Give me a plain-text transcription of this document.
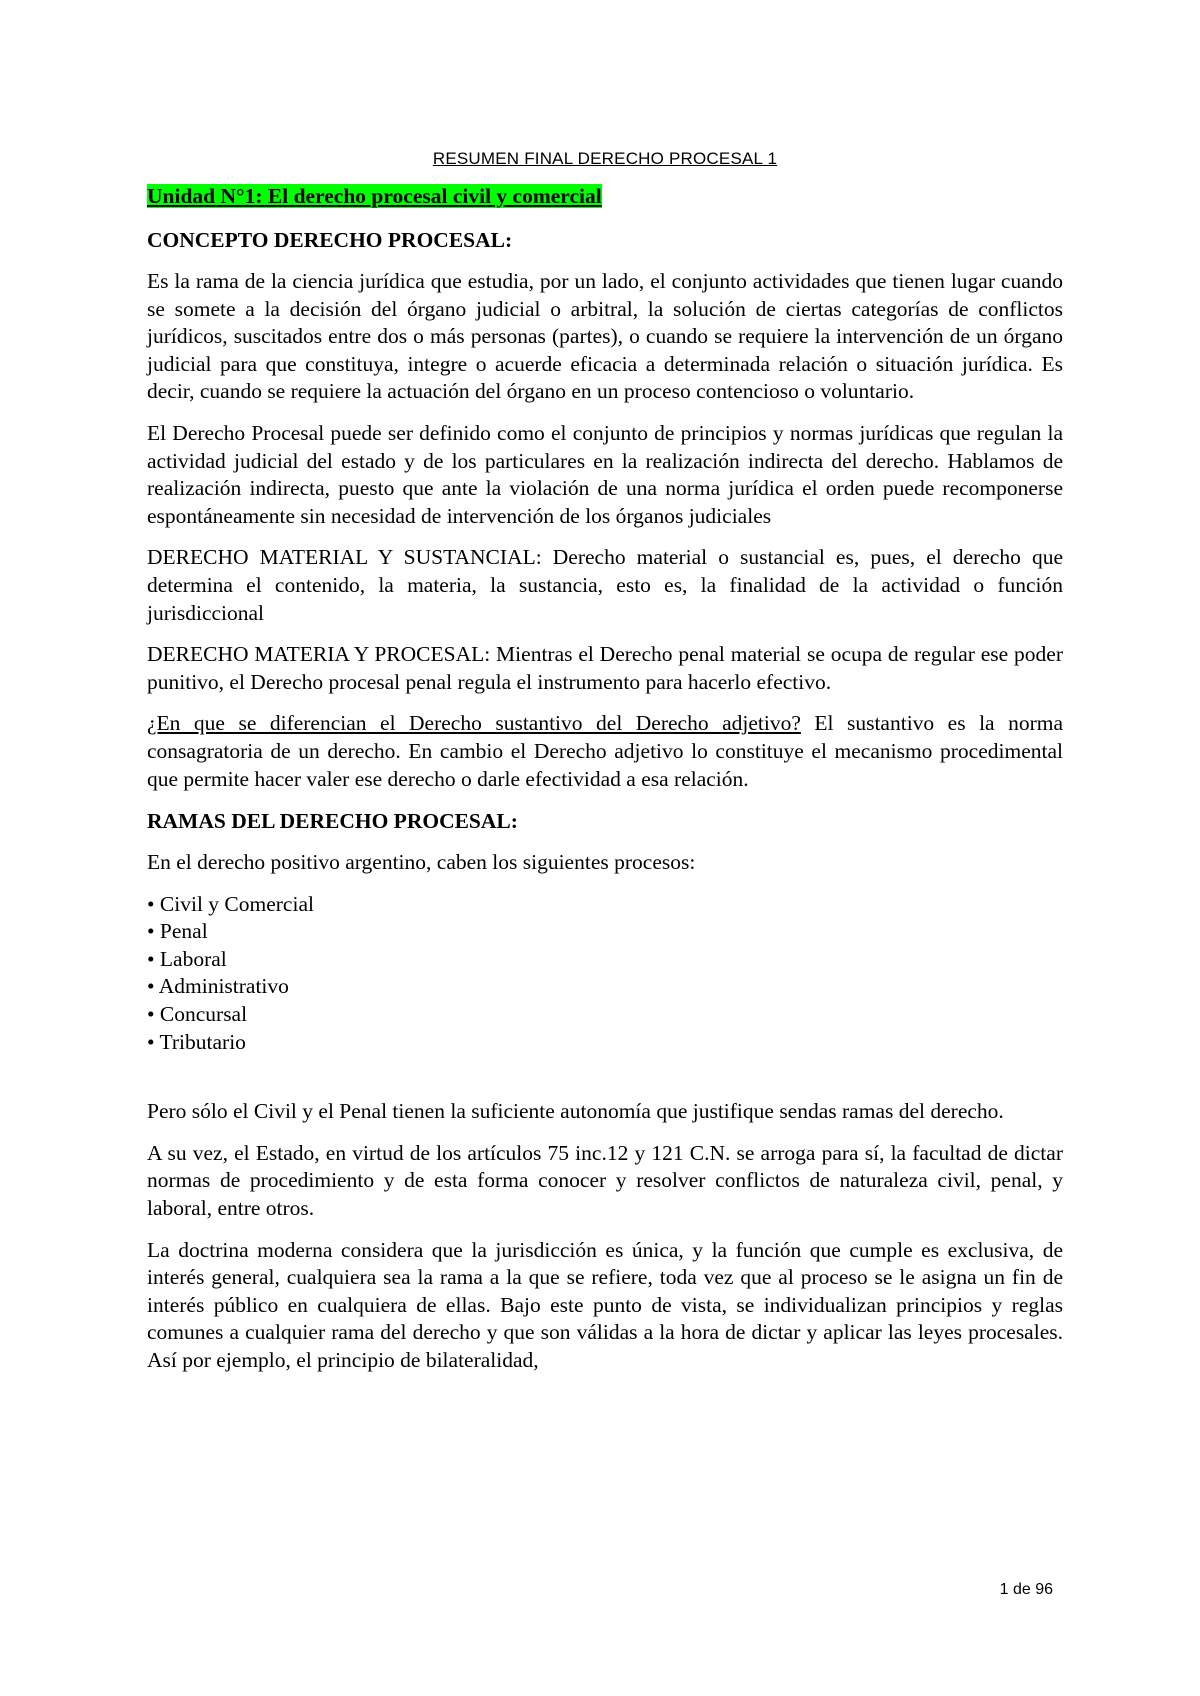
RESUMEN FINAL DERECHO PROCESAL 1
Unidad N°1: El derecho procesal civil y comercial
CONCEPTO DERECHO PROCESAL:

Es la rama de la ciencia jurídica que estudia, por un lado, el conjunto actividades que tienen lugar cuando se somete a la decisión del órgano judicial o arbitral, la solución de ciertas categorías de conflictos jurídicos, suscitados entre dos o más personas (partes), o cuando se requiere la intervención de un órgano judicial para que constituya, integre o acuerde eficacia a determinada relación o situación jurídica. Es decir, cuando se requiere la actuación del órgano en un proceso contencioso o voluntario.

El Derecho Procesal puede ser definido como el conjunto de principios y normas jurídicas que regulan la actividad judicial del estado y de los particulares en la realización indirecta del derecho. Hablamos de realización indirecta, puesto que ante la violación de una norma jurídica el orden puede recomponerse espontáneamente sin necesidad de intervención de los órganos judiciales

DERECHO MATERIAL Y SUSTANCIAL: Derecho material o sustancial es, pues, el derecho que determina el contenido, la materia, la sustancia, esto es, la finalidad de la actividad o función jurisdiccional

DERECHO MATERIA Y PROCESAL: Mientras el Derecho penal material se ocupa de regular ese poder punitivo, el Derecho procesal penal regula el instrumento para hacerlo efectivo.

¿En que se diferencian el Derecho sustantivo del Derecho adjetivo? El sustantivo es la norma consagratoria de un derecho. En cambio el Derecho adjetivo lo constituye el mecanismo procedimental que permite hacer valer ese derecho o darle efectividad a esa relación.

RAMAS DEL DERECHO PROCESAL:

En el derecho positivo argentino, caben los siguientes procesos:

• Civil y Comercial
• Penal
• Laboral
• Administrativo
• Concursal
• Tributario

Pero sólo el Civil y el Penal tienen la suficiente autonomía que justifique sendas ramas del derecho.

A su vez, el Estado, en virtud de los artículos 75 inc.12 y 121 C.N. se arroga para sí, la facultad de dictar normas de procedimiento y de esta forma conocer y resolver conflictos de naturaleza civil, penal, y laboral, entre otros.

La doctrina moderna considera que la jurisdicción es única, y la función que cumple es exclusiva, de interés general, cualquiera sea la rama a la que se refiere, toda vez que al proceso se le asigna un fin de interés público en cualquiera de ellas. Bajo este punto de vista, se individualizan principios y reglas comunes a cualquier rama del derecho y que son válidas a la hora de dictar y aplicar las leyes procesales. Así por ejemplo, el principio de bilateralidad,

1 de 96
